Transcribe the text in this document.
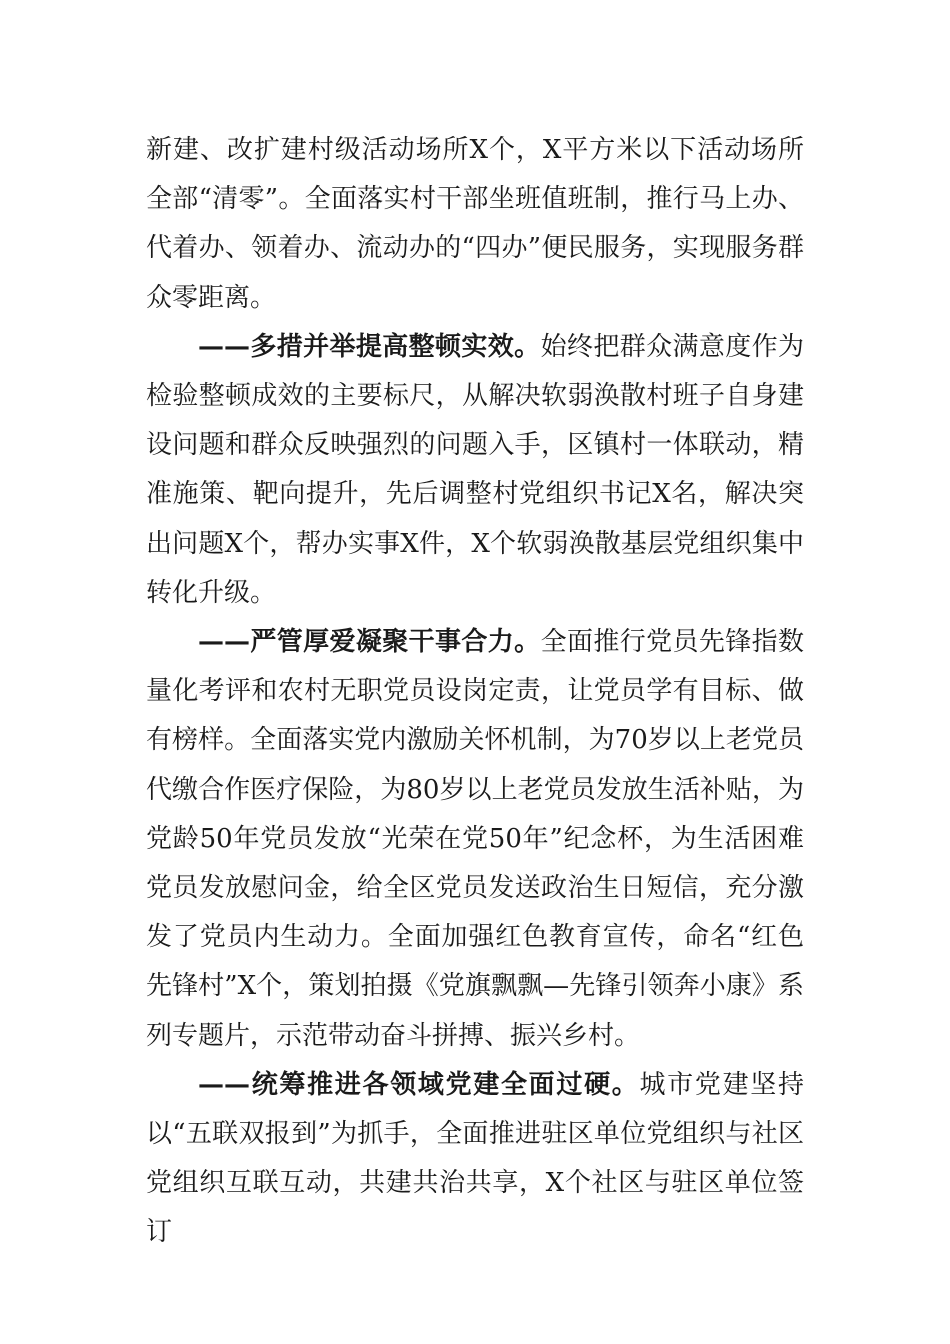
新建、改扩建村级活动场所X个，X平方米以下活动场所全部“清零”。全面落实村干部坐班值班制，推行马上办、代着办、领着办、流动办的“四办”便民服务，实现服务群众零距离。

——多措并举提高整顿实效。始终把群众满意度作为检验整顿成效的主要标尺，从解决软弱涣散村班子自身建设问题和群众反映强烈的问题入手，区镇村一体联动，精准施策、靶向提升，先后调整村党组织书记X名，解决突出问题X个，帮办实事X件，X个软弱涣散基层党组织集中转化升级。

——严管厚爱凝聚干事合力。全面推行党员先锋指数量化考评和农村无职党员设岗定责，让党员学有目标、做有榜样。全面落实党内激励关怀机制，为70岁以上老党员代缴合作医疗保险，为80岁以上老党员发放生活补贴，为党龄50年党员发放“光荣在党50年”纪念杯，为生活困难党员发放慰问金，给全区党员发送政治生日短信，充分激发了党员内生动力。全面加强红色教育宣传，命名“红色先锋村”X个，策划拍摄《党旗飘飘—先锋引领奔小康》系列专题片，示范带动奋斗拼搏、振兴乡村。

——统筹推进各领域党建全面过硬。城市党建坚持以“五联双报到”为抓手，全面推进驻区单位党组织与社区党组织互联互动，共建共治共享，X个社区与驻区单位签订
